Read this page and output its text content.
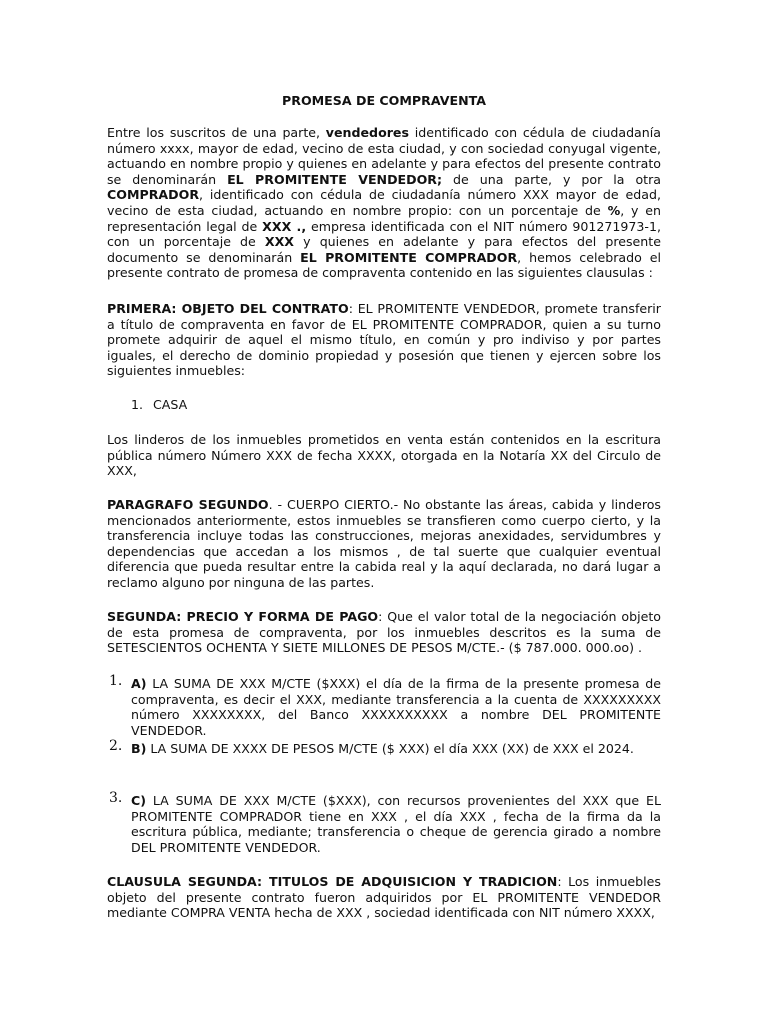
PROMESA DE COMPRAVENTA

Entre los suscritos de una parte, vendedores identificado con cédula de ciudadanía número xxxx, mayor de edad, vecino de esta ciudad, y con sociedad conyugal vigente, actuando en nombre propio y quienes en adelante y para efectos del presente contrato se denominarán EL PROMITENTE VENDEDOR; de una parte, y por la otra COMPRADOR, identificado con cédula de ciudadanía número XXX mayor de edad, vecino de esta ciudad, actuando en nombre propio: con un porcentaje de %, y en representación legal de XXX ., empresa identificada con el NIT número 901271973-1, con un porcentaje de XXX y quienes en adelante y para efectos del presente documento se denominarán EL PROMITENTE COMPRADOR, hemos celebrado el presente contrato de promesa de compraventa contenido en las siguientes clausulas :

PRIMERA: OBJETO DEL CONTRATO: EL PROMITENTE VENDEDOR, promete transferir a título de compraventa en favor de EL PROMITENTE COMPRADOR, quien a su turno promete adquirir de aquel el mismo título, en común y pro indiviso y por partes iguales, el derecho de dominio propiedad y posesión que tienen y ejercen sobre los siguientes inmuebles:

1. CASA

Los linderos de los inmuebles prometidos en venta están contenidos en la escritura pública número Número XXX de fecha XXXX, otorgada en la Notaría XX del Circulo de XXX,

PARAGRAFO SEGUNDO. - CUERPO CIERTO.- No obstante las áreas, cabida y linderos mencionados anteriormente, estos inmuebles se transfieren como cuerpo cierto, y la transferencia incluye todas las construcciones, mejoras anexidades, servidumbres y dependencias que accedan a los mismos , de tal suerte que cualquier eventual diferencia que pueda resultar entre la cabida real y la aquí declarada, no dará lugar a reclamo alguno por ninguna de las partes.

SEGUNDA: PRECIO Y FORMA DE PAGO: Que el valor total de la negociación objeto de esta promesa de compraventa, por los inmuebles descritos es la suma de SETESCIENTOS OCHENTA Y SIETE MILLONES DE PESOS M/CTE.- ($ 787.000. 000.oo) .

1. A) LA SUMA DE XXX M/CTE ($XXX) el día de la firma de la presente promesa de compraventa, es decir el XXX, mediante transferencia a la cuenta de XXXXXXXXX número XXXXXXXX, del Banco XXXXXXXXXX a nombre DEL PROMITENTE VENDEDOR.

2. B) LA SUMA DE XXXX DE PESOS M/CTE ($ XXX) el día XXX (XX) de XXX el 2024.

3. C) LA SUMA DE XXX M/CTE ($XXX), con recursos provenientes del XXX que EL PROMITENTE COMPRADOR tiene en XXX , el día XXX , fecha de la firma da la escritura pública, mediante; transferencia o cheque de gerencia girado a nombre DEL PROMITENTE VENDEDOR.

CLAUSULA SEGUNDA: TITULOS DE ADQUISICION Y TRADICION: Los inmuebles objeto del presente contrato fueron adquiridos por EL PROMITENTE VENDEDOR mediante COMPRA VENTA hecha de XXX , sociedad identificada con NIT número XXXX,
